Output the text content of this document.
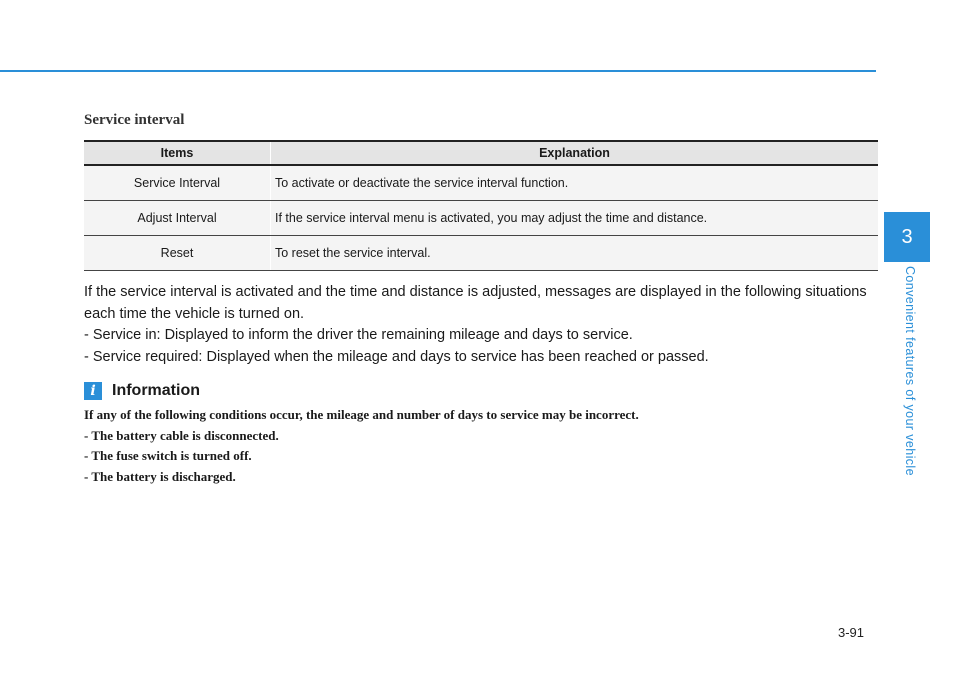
Service interval
Items	Explanation
Service Interval	To activate or deactivate the service interval function.
Adjust Interval	If the service interval menu is activated, you may adjust the time and distance.
Reset	To reset the service interval.

If the service interval is activated and the time and distance is adjusted, messages are displayed in the following situations each time the vehicle is turned on.

- Service in: Displayed to inform the driver the remaining mileage and days to service.

- Service required: Displayed when the mileage and days to service has been reached or passed.

i	Information

If any of the following conditions occur, the mileage and number of days to service may be incorrect.

- The battery cable is disconnected.

- The fuse switch is turned off.

- The battery is discharged.

3
Convenient features of your vehicle
3-91
